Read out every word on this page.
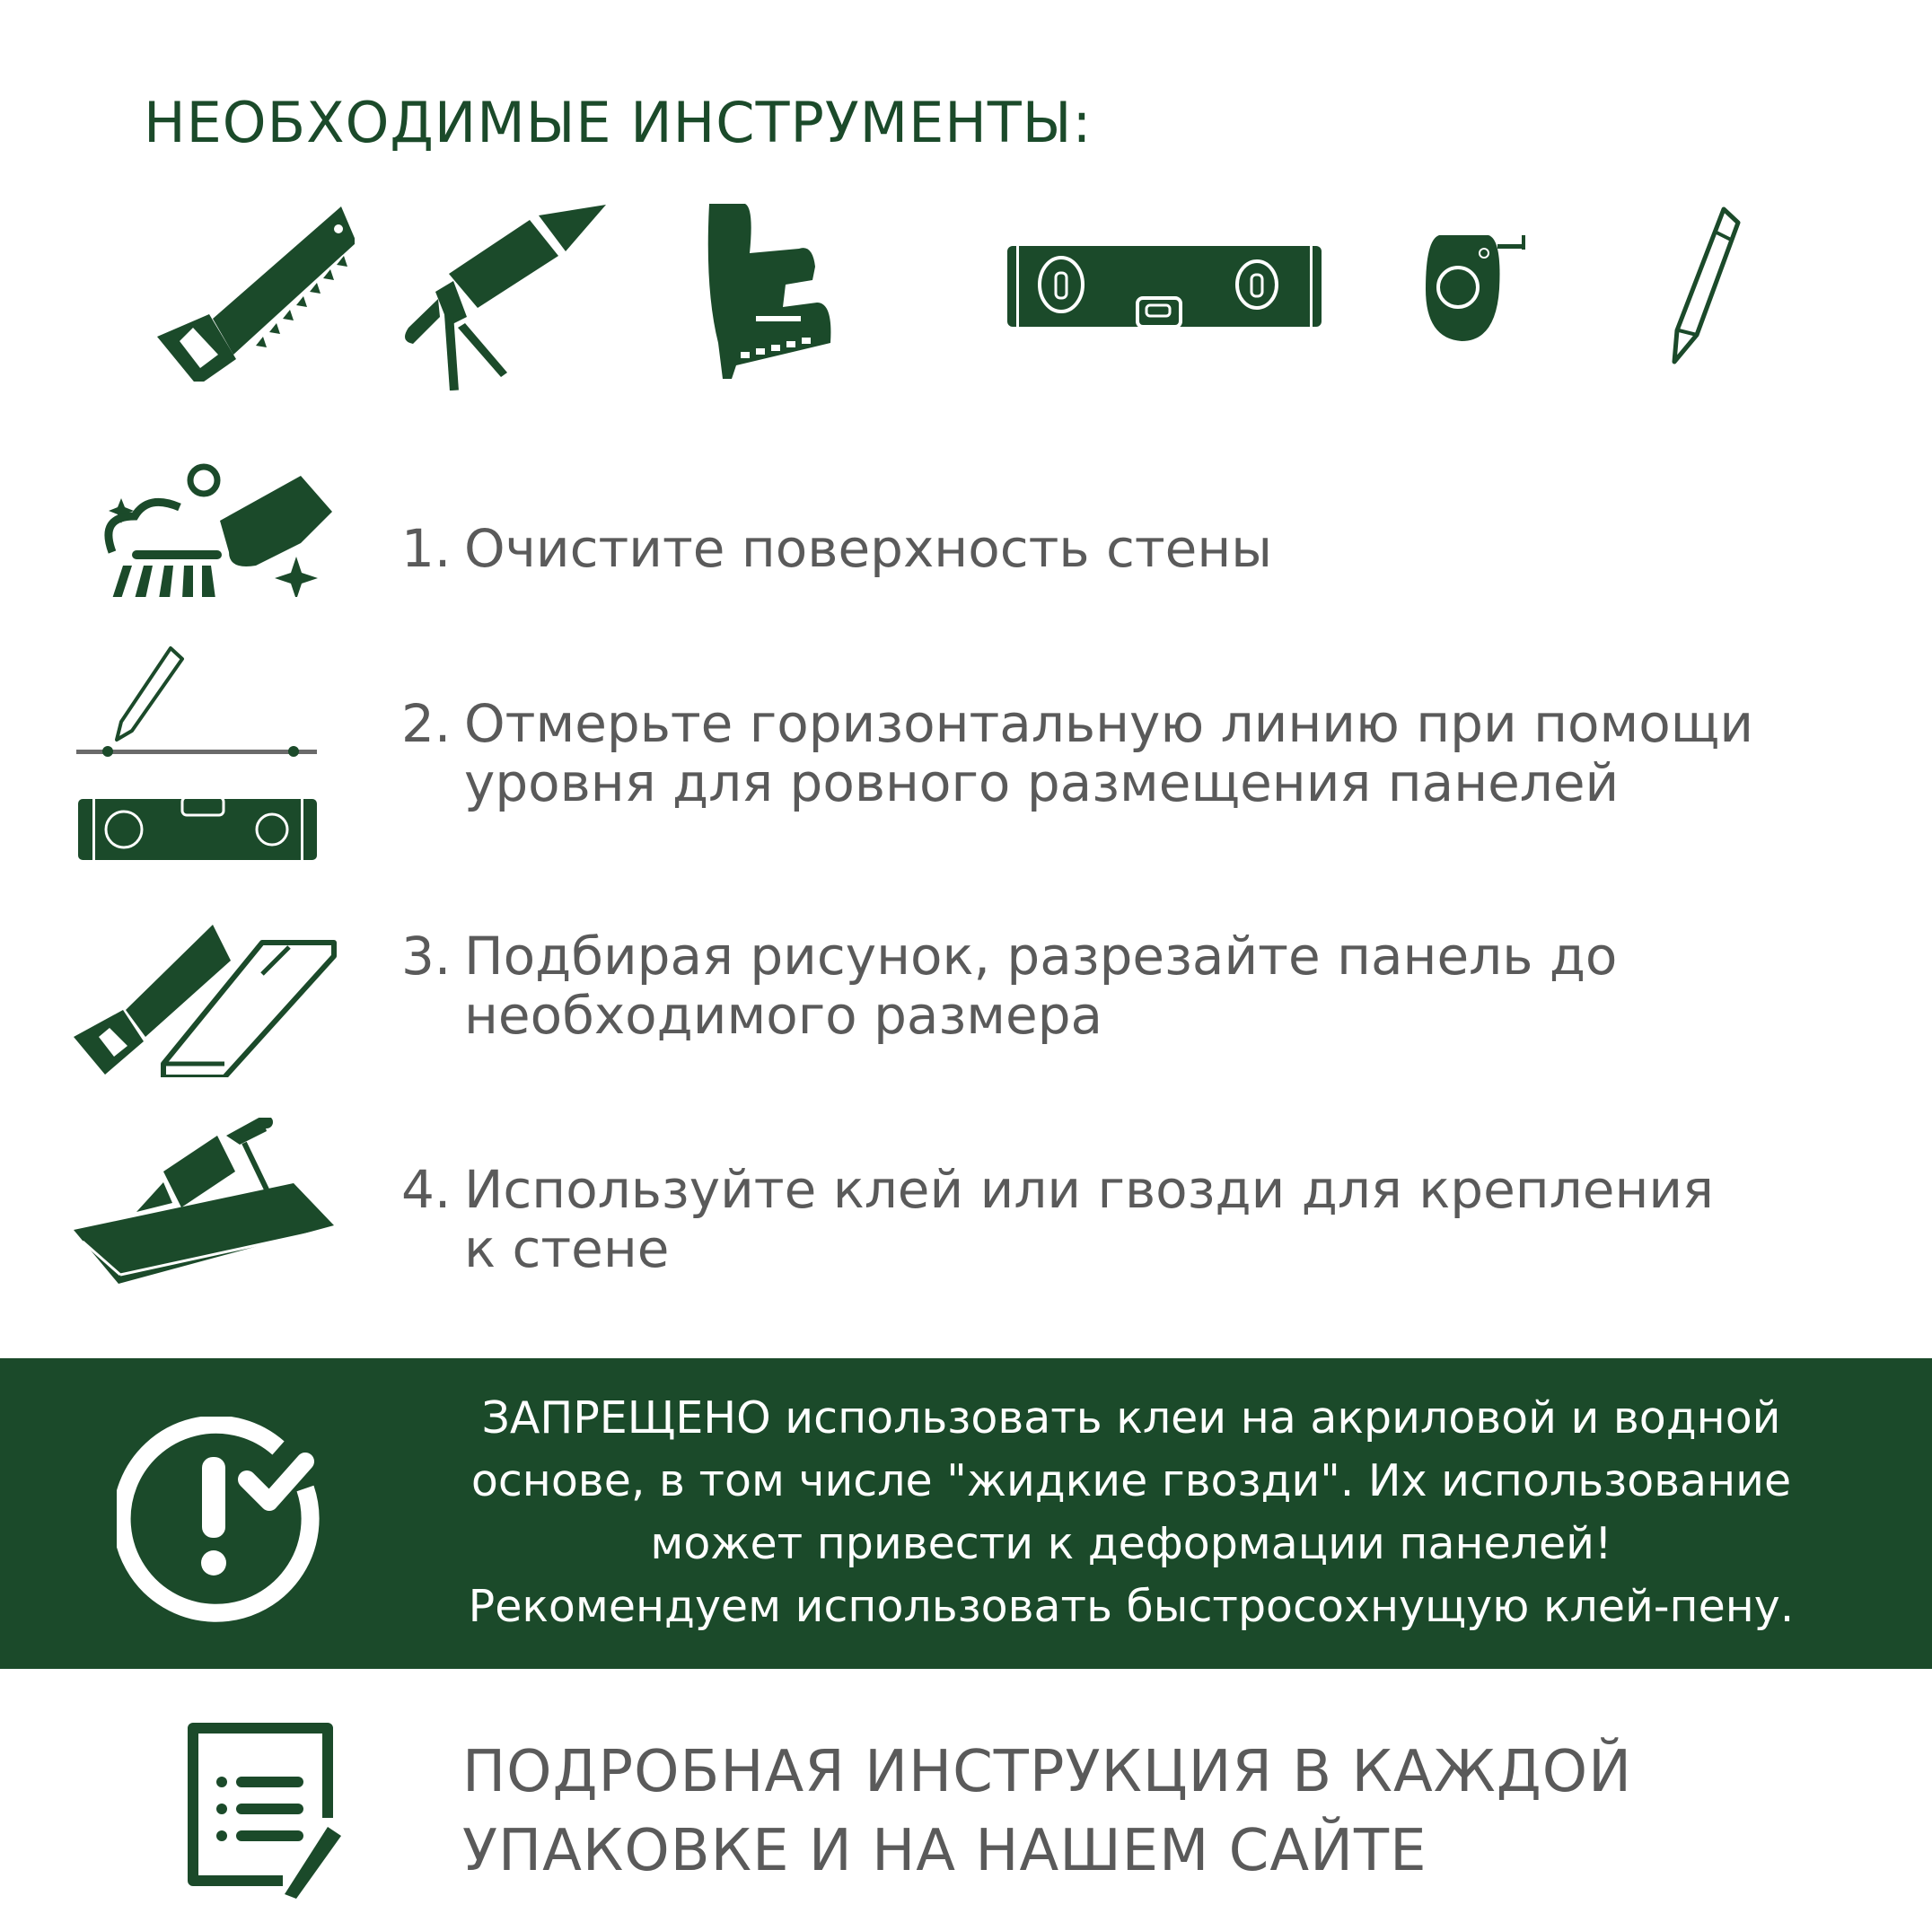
НЕОБХОДИМЫЕ ИНСТРУМЕНТЫ:
1. Очистите поверхность стены
2. Отмерьте горизонтальную линию при помощи
уровня для ровного размещения панелей
3. Подбирая рисунок, разрезайте панель до
необходимого размера
4. Используйте клей или гвозди для крепления
к стене
ЗАПРЕЩЕНО использовать клеи на акриловой и водной
основе, в том числе "жидкие гвозди". Их использование
может привести к деформации панелей!
Рекомендуем использовать быстросохнущую клей-пену.
ПОДРОБНАЯ ИНСТРУКЦИЯ В КАЖДОЙ
УПАКОВКЕ И НА НАШЕМ САЙТЕ
